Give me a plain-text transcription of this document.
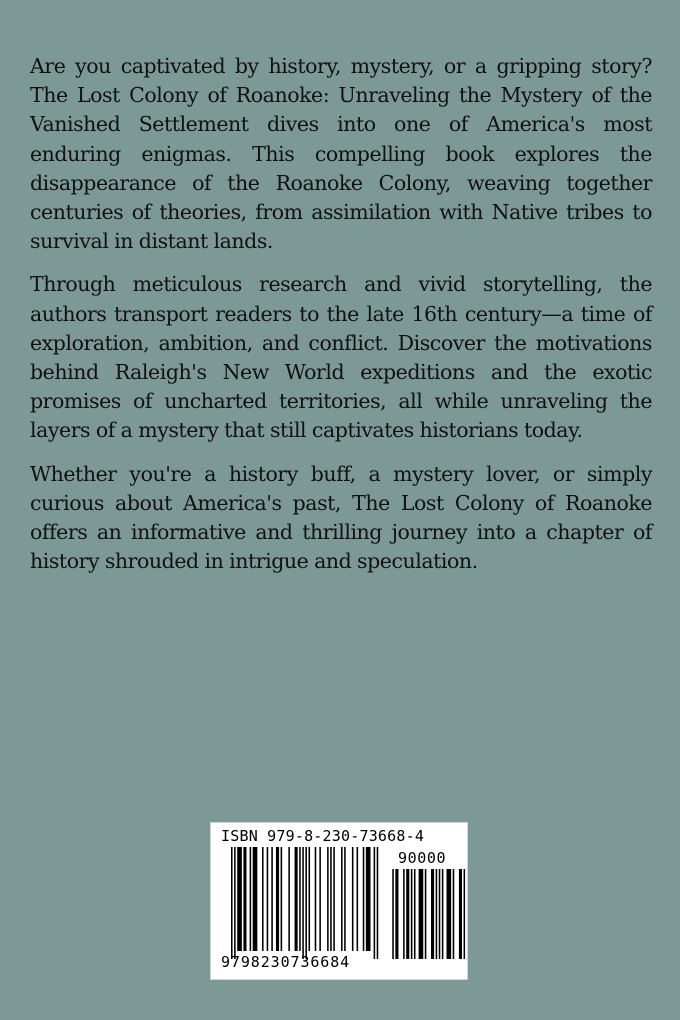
Are you captivated by history, mystery, or a gripping story? The Lost Colony of Roanoke: Unraveling the Mystery of the Vanished Settlement dives into one of America's most enduring enigmas. This compelling book explores the disappearance of the Roanoke Colony, weaving together centuries of theories, from assimilation with Native tribes to survival in distant lands.

Through meticulous research and vivid storytelling, the authors transport readers to the late 16th century—a time of exploration, ambition, and conflict. Discover the motivations behind Raleigh's New World expeditions and the exotic promises of uncharted territories, all while unraveling the layers of a mystery that still captivates historians today.

Whether you're a history buff, a mystery lover, or simply curious about America's past, The Lost Colony of Roanoke offers an informative and thrilling journey into a chapter of history shrouded in intrigue and speculation.

ISBN 979-8-230-73668-4
90000
9798230736684
